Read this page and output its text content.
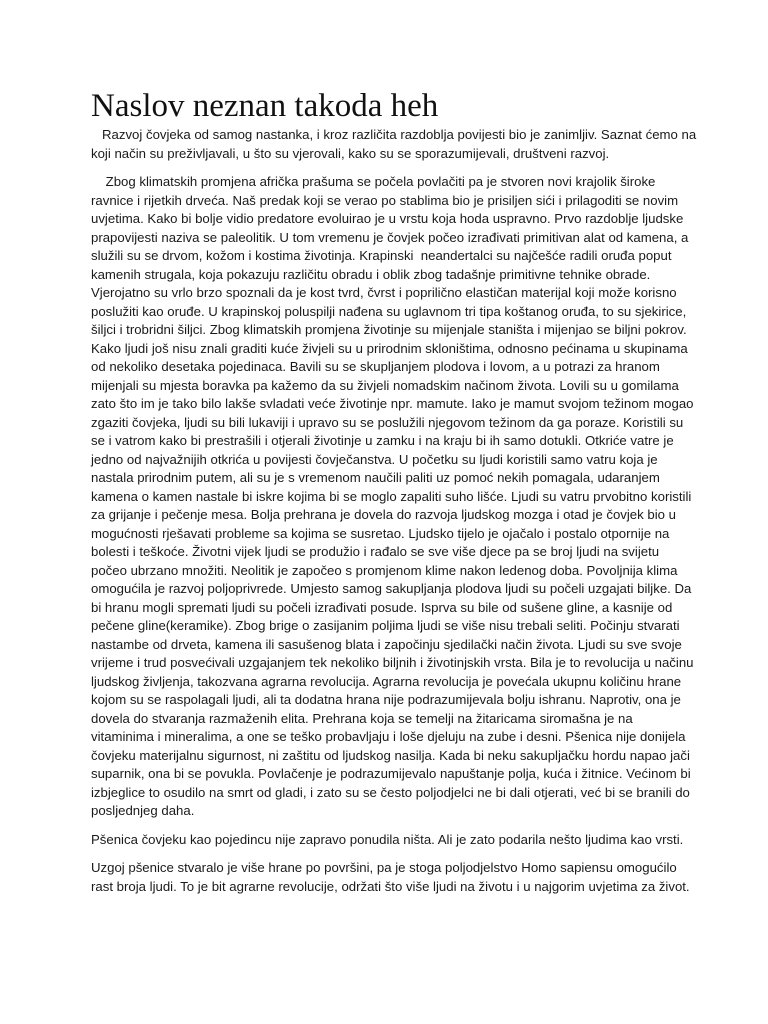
Naslov neznan takoda heh

Razvoj čovjeka od samog nastanka, i kroz različita razdoblja povijesti bio je zanimljiv. Saznat ćemo na koji način su preživljavali, u što su vjerovali, kako su se sporazumijevali, društveni razvoj.

Zbog klimatskih promjena afrička prašuma se počela povlačiti pa je stvoren novi krajolik široke ravnice i rijetkih drveća. Naš predak koji se verao po stablima bio je prisiljen sići i prilagoditi se novim uvjetima. Kako bi bolje vidio predatore evoluirao je u vrstu koja hoda uspravno. Prvo razdoblje ljudske prapovijesti naziva se paleolitik. U tom vremenu je čovjek počeo izrađivati primitivan alat od kamena, a služili su se drvom, kožom i kostima životinja. Krapinski  neandertalci su najčešće radili oruđa poput kamenih strugala, koja pokazuju različitu obradu i oblik zbog tadašnje primitivne tehnike obrade. Vjerojatno su vrlo brzo spoznali da je kost tvrd, čvrst i poprilično elastičan materijal koji može korisno poslužiti kao oruđe. U krapinskoj poluspilji nađena su uglavnom tri tipa koštanog oruđa, to su sjekirice, šiljci i trobridni šiljci. Zbog klimatskih promjena životinje su mijenjale staništa i mijenjao se biljni pokrov. Kako ljudi još nisu znali graditi kuće živjeli su u prirodnim skloništima, odnosno pećinama u skupinama od nekoliko desetaka pojedinaca. Bavili su se skupljanjem plodova i lovom, a u potrazi za hranom mijenjali su mjesta boravka pa kažemo da su živjeli nomadskim načinom života. Lovili su u gomilama zato što im je tako bilo lakše svladati veće životinje npr. mamute. Iako je mamut svojom težinom mogao zgaziti čovjeka, ljudi su bili lukaviji i upravo su se poslužili njegovom težinom da ga poraze. Koristili su se i vatrom kako bi prestrašili i otjerali životinje u zamku i na kraju bi ih samo dotukli. Otkriće vatre je jedno od najvažnijih otkrića u povijesti čovječanstva. U početku su ljudi koristili samo vatru koja je nastala prirodnim putem, ali su je s vremenom naučili paliti uz pomoć nekih pomagala, udaranjem kamena o kamen nastale bi iskre kojima bi se moglo zapaliti suho lišće. Ljudi su vatru prvobitno koristili za grijanje i pečenje mesa. Bolja prehrana je dovela do razvoja ljudskog mozga i otad je čovjek bio u mogućnosti rješavati probleme sa kojima se susretao. Ljudsko tijelo je ojačalo i postalo otpornije na bolesti i teškoće. Životni vijek ljudi se produžio i rađalo se sve više djece pa se broj ljudi na svijetu počeo ubrzano množiti. Neolitik je započeo s promjenom klime nakon ledenog doba. Povoljnija klima omogućila je razvoj poljoprivrede. Umjesto samog sakupljanja plodova ljudi su počeli uzgajati biljke. Da bi hranu mogli spremati ljudi su počeli izrađivati posude. Isprva su bile od sušene gline, a kasnije od pečene gline(keramike). Zbog brige o zasijanim poljima ljudi se više nisu trebali seliti. Počinju stvarati nastambe od drveta, kamena ili sasušenog blata i započinju sjedilački način života. Ljudi su sve svoje vrijeme i trud posvećivali uzgajanjem tek nekoliko biljnih i životinjskih vrsta. Bila je to revolucija u načinu ljudskog življenja, takozvana agrarna revolucija. Agrarna revolucija je povećala ukupnu količinu hrane kojom su se raspolagali ljudi, ali ta dodatna hrana nije podrazumijevala bolju ishranu. Naprotiv, ona je dovela do stvaranja razmaženih elita. Prehrana koja se temelji na žitaricama siromašna je na vitaminima i mineralima, a one se teško probavljaju i loše djeluju na zube i desni. Pšenica nije donijela čovjeku materijalnu sigurnost, ni zaštitu od ljudskog nasilja. Kada bi neku sakupljačku hordu napao jači suparnik, ona bi se povukla. Povlačenje je podrazumijevalo napuštanje polja, kuća i žitnice. Većinom bi izbjeglice to osudilo na smrt od gladi, i zato su se često poljodjelci ne bi dali otjerati, već bi se branili do posljednjeg daha.

Pšenica čovjeku kao pojedincu nije zapravo ponudila ništa. Ali je zato podarila nešto ljudima kao vrsti.

Uzgoj pšenice stvaralo je više hrane po površini, pa je stoga poljodjelstvo Homo sapiensu omogućilo rast broja ljudi. To je bit agrarne revolucije, održati što više ljudi na životu i u najgorim uvjetima za život.
